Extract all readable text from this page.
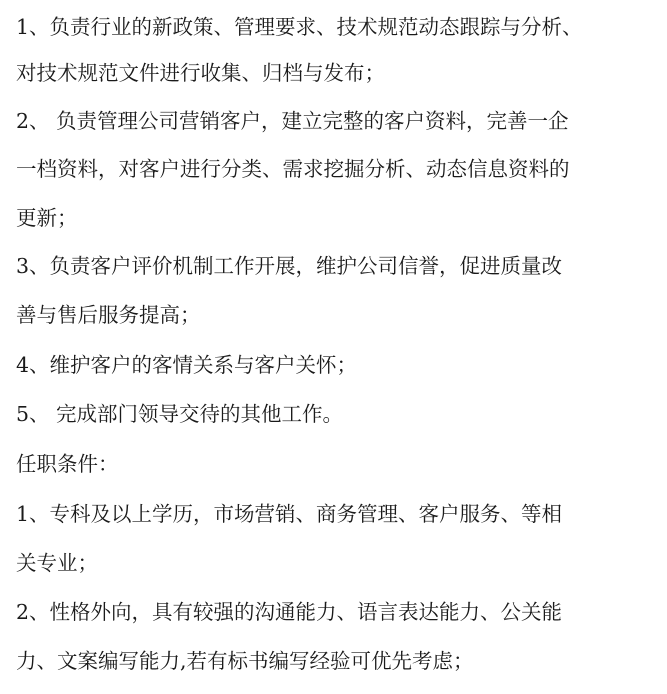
1、负责行业的新政策、管理要求、技术规范动态跟踪与分析、
对技术规范文件进行收集、归档与发布；
2、 负责管理公司营销客户，建立完整的客户资料，完善一企
一档资料，对客户进行分类、需求挖掘分析、动态信息资料的
更新；
3、负责客户评价机制工作开展，维护公司信誉，促进质量改
善与售后服务提高；
4、维护客户的客情关系与客户关怀；
5、 完成部门领导交待的其他工作。
任职条件：
1、专科及以上学历，市场营销、商务管理、客户服务、等相
关专业；
2、性格外向，具有较强的沟通能力、语言表达能力、公关能
力、文案编写能力,若有标书编写经验可优先考虑；
